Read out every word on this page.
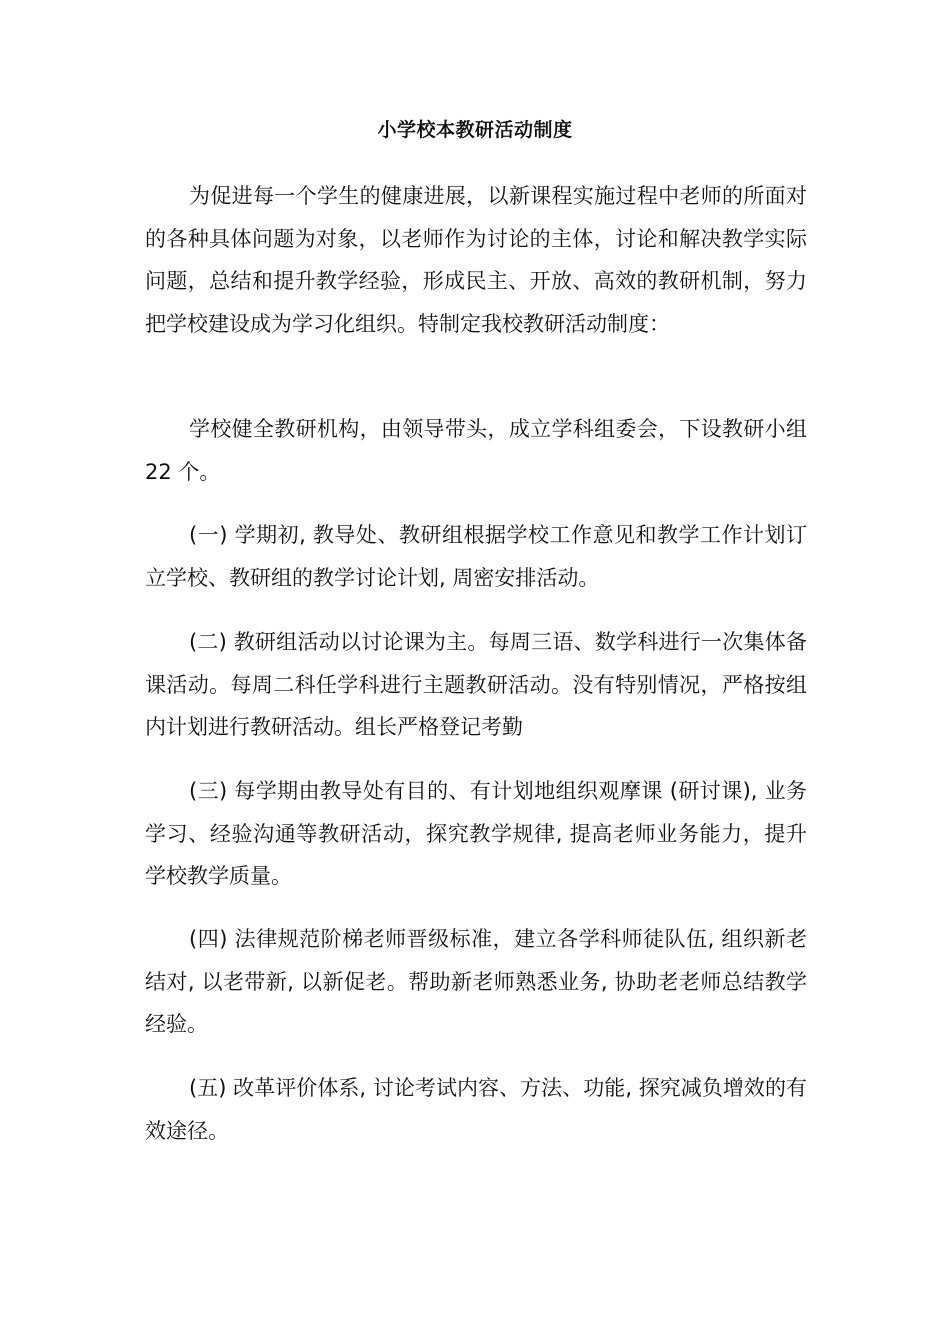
小学校本教研活动制度

为促进每一个学生的健康进展，以新课程实施过程中老师的所面对的各种具体问题为对象，以老师作为讨论的主体，讨论和解决教学实际问题，总结和提升教学经验，形成民主、开放、高效的教研机制，努力把学校建设成为学习化组织。特制定我校教研活动制度：

学校健全教研机构，由领导带头，成立学科组委会，下设教研小组 22 个。

(一) 学期初, 教导处、教研组根据学校工作意见和教学工作计划订立学校、教研组的教学讨论计划, 周密安排活动。

(二) 教研组活动以讨论课为主。每周三语、数学科进行一次集体备课活动。每周二科任学科进行主题教研活动。没有特别情况，严格按组内计划进行教研活动。组长严格登记考勤

(三) 每学期由教导处有目的、有计划地组织观摩课 (研讨课), 业务学习、经验沟通等教研活动，探究教学规律, 提高老师业务能力，提升学校教学质量。

(四) 法律规范阶梯老师晋级标准，建立各学科师徒队伍, 组织新老结对, 以老带新, 以新促老。帮助新老师熟悉业务, 协助老老师总结教学经验。

(五) 改革评价体系, 讨论考试内容、方法、功能, 探究减负增效的有效途径。
